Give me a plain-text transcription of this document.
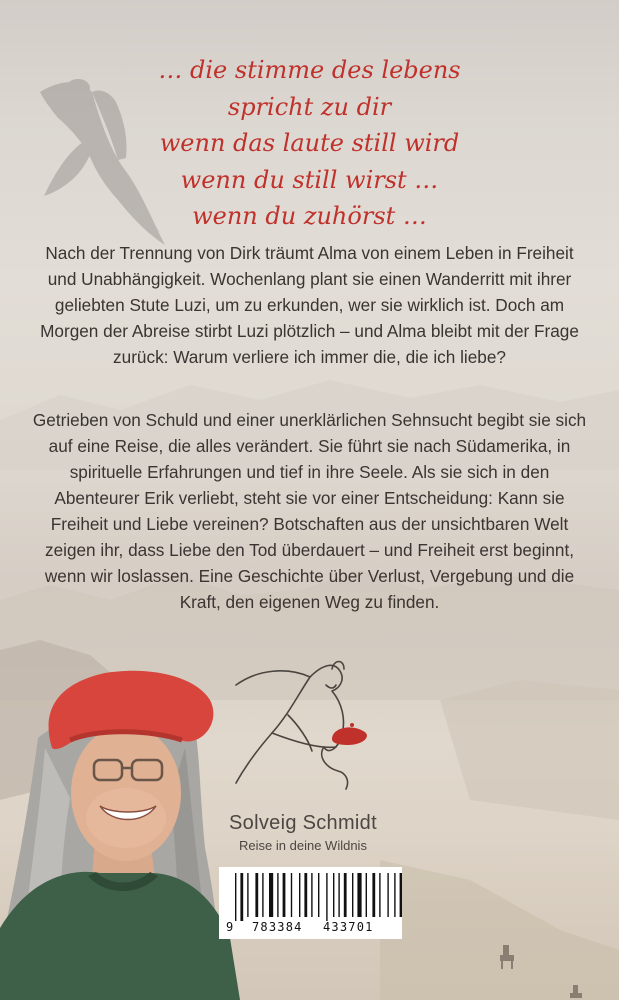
… die stimme des lebens
spricht zu dir
wenn das laute still wird
wenn du still wirst …
wenn du zuhörst …

Nach der Trennung von Dirk träumt Alma von einem Leben in Freiheit und Unabhängigkeit. Wochenlang plant sie einen Wanderritt mit ihrer geliebten Stute Luzi, um zu erkunden, wer sie wirklich ist. Doch am Morgen der Abreise stirbt Luzi plötzlich – und Alma bleibt mit der Frage zurück: Warum verliere ich immer die, die ich liebe?

Getrieben von Schuld und einer unerklärlichen Sehnsucht begibt sie sich auf eine Reise, die alles verändert. Sie führt sie nach Südamerika, in spirituelle Erfahrungen und tief in ihre Seele. Als sie sich in den Abenteurer Erik verliebt, steht sie vor einer Entscheidung: Kann sie Freiheit und Liebe vereinen? Botschaften aus der unsichtbaren Welt zeigen ihr, dass Liebe den Tod überdauert – und Freiheit erst beginnt, wenn wir loslassen. Eine Geschichte über Verlust, Vergebung und die Kraft, den eigenen Weg zu finden.

Solveig Schmidt
Reise in deine Wildnis
9 783384 433701
